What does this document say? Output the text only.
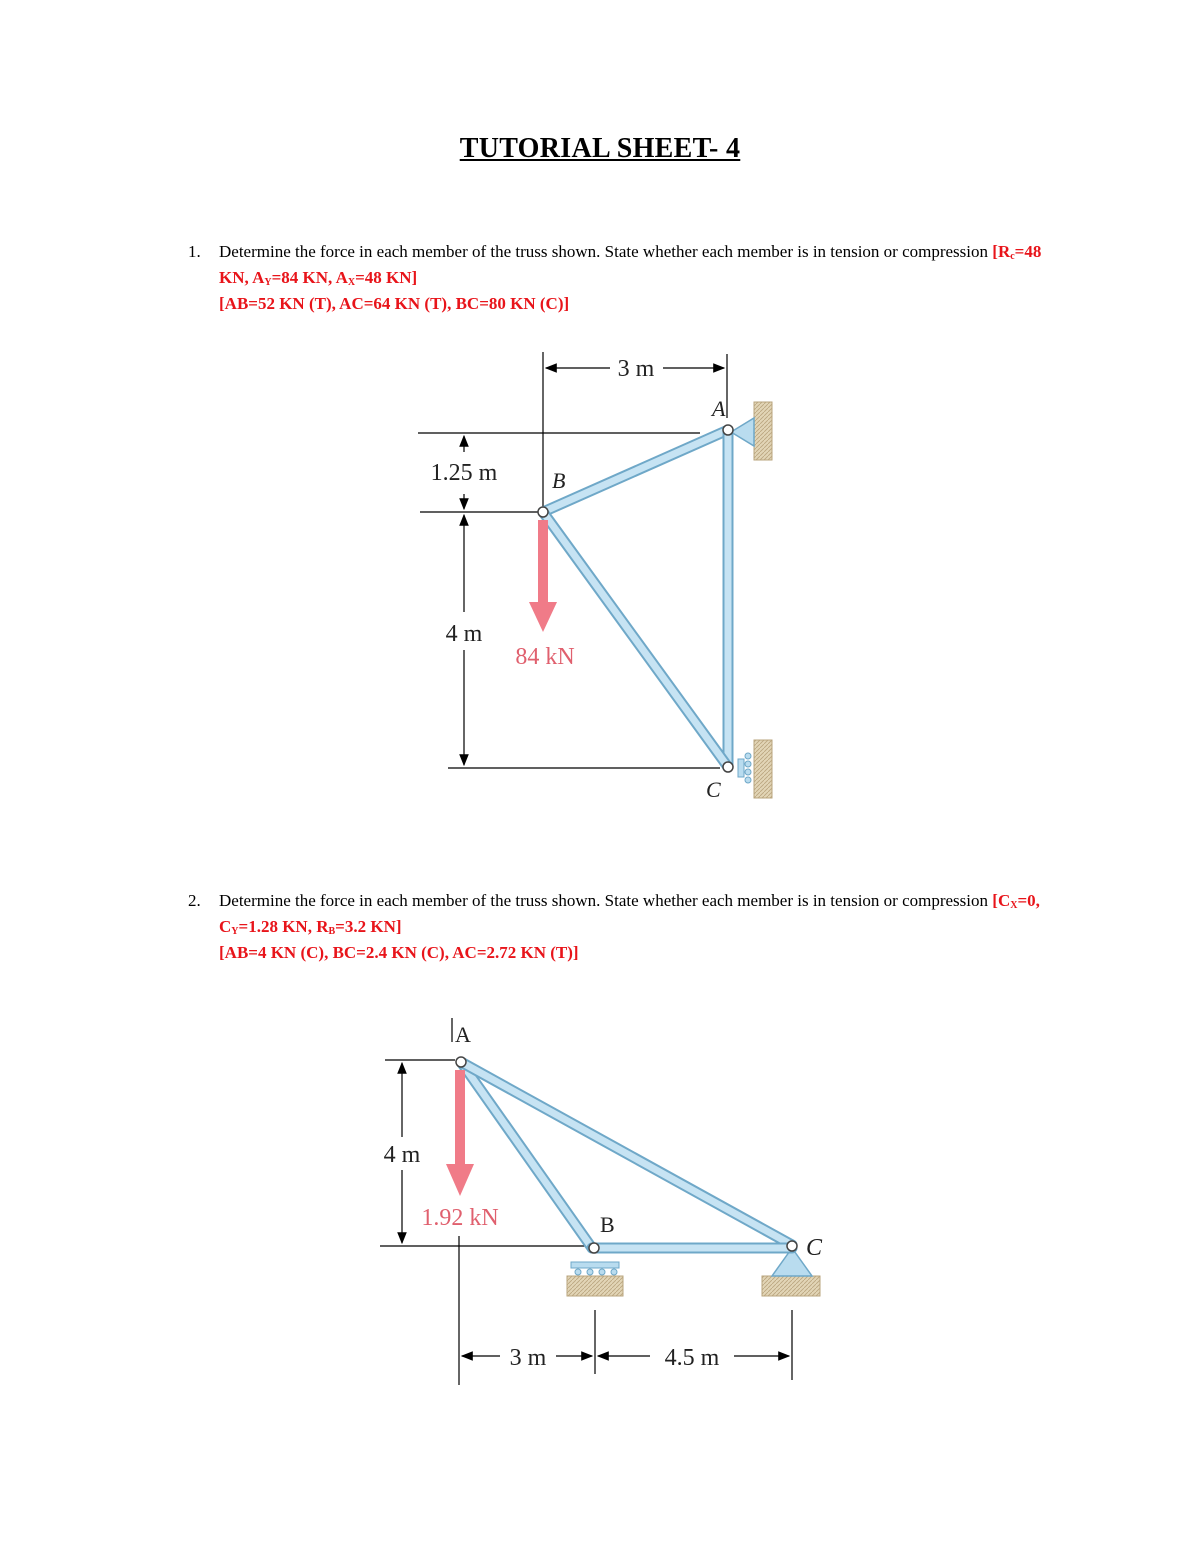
TUTORIAL SHEET- 4
1. Determine the force in each member of the truss shown. State whether each member is in tension or compression [$R_c=48$ KN, $A_Y=84$ KN, $A_X=48$ KN]
[AB=52 KN (T), AC=64 KN (T), BC=80 KN (C)]
3 m
1.25 m
4 m
84 kN
A
B
C
2. Determine the force in each member of the truss shown. State whether each member is in tension or compression [$C_X=0$, $C_Y=1.28$ KN, $R_B=3.2$ KN]
[AB=4 KN (C), BC=2.4 KN (C), AC=2.72 KN (T)]
4 m
3 m	4.5 m
1.92 kN
A
B
C
